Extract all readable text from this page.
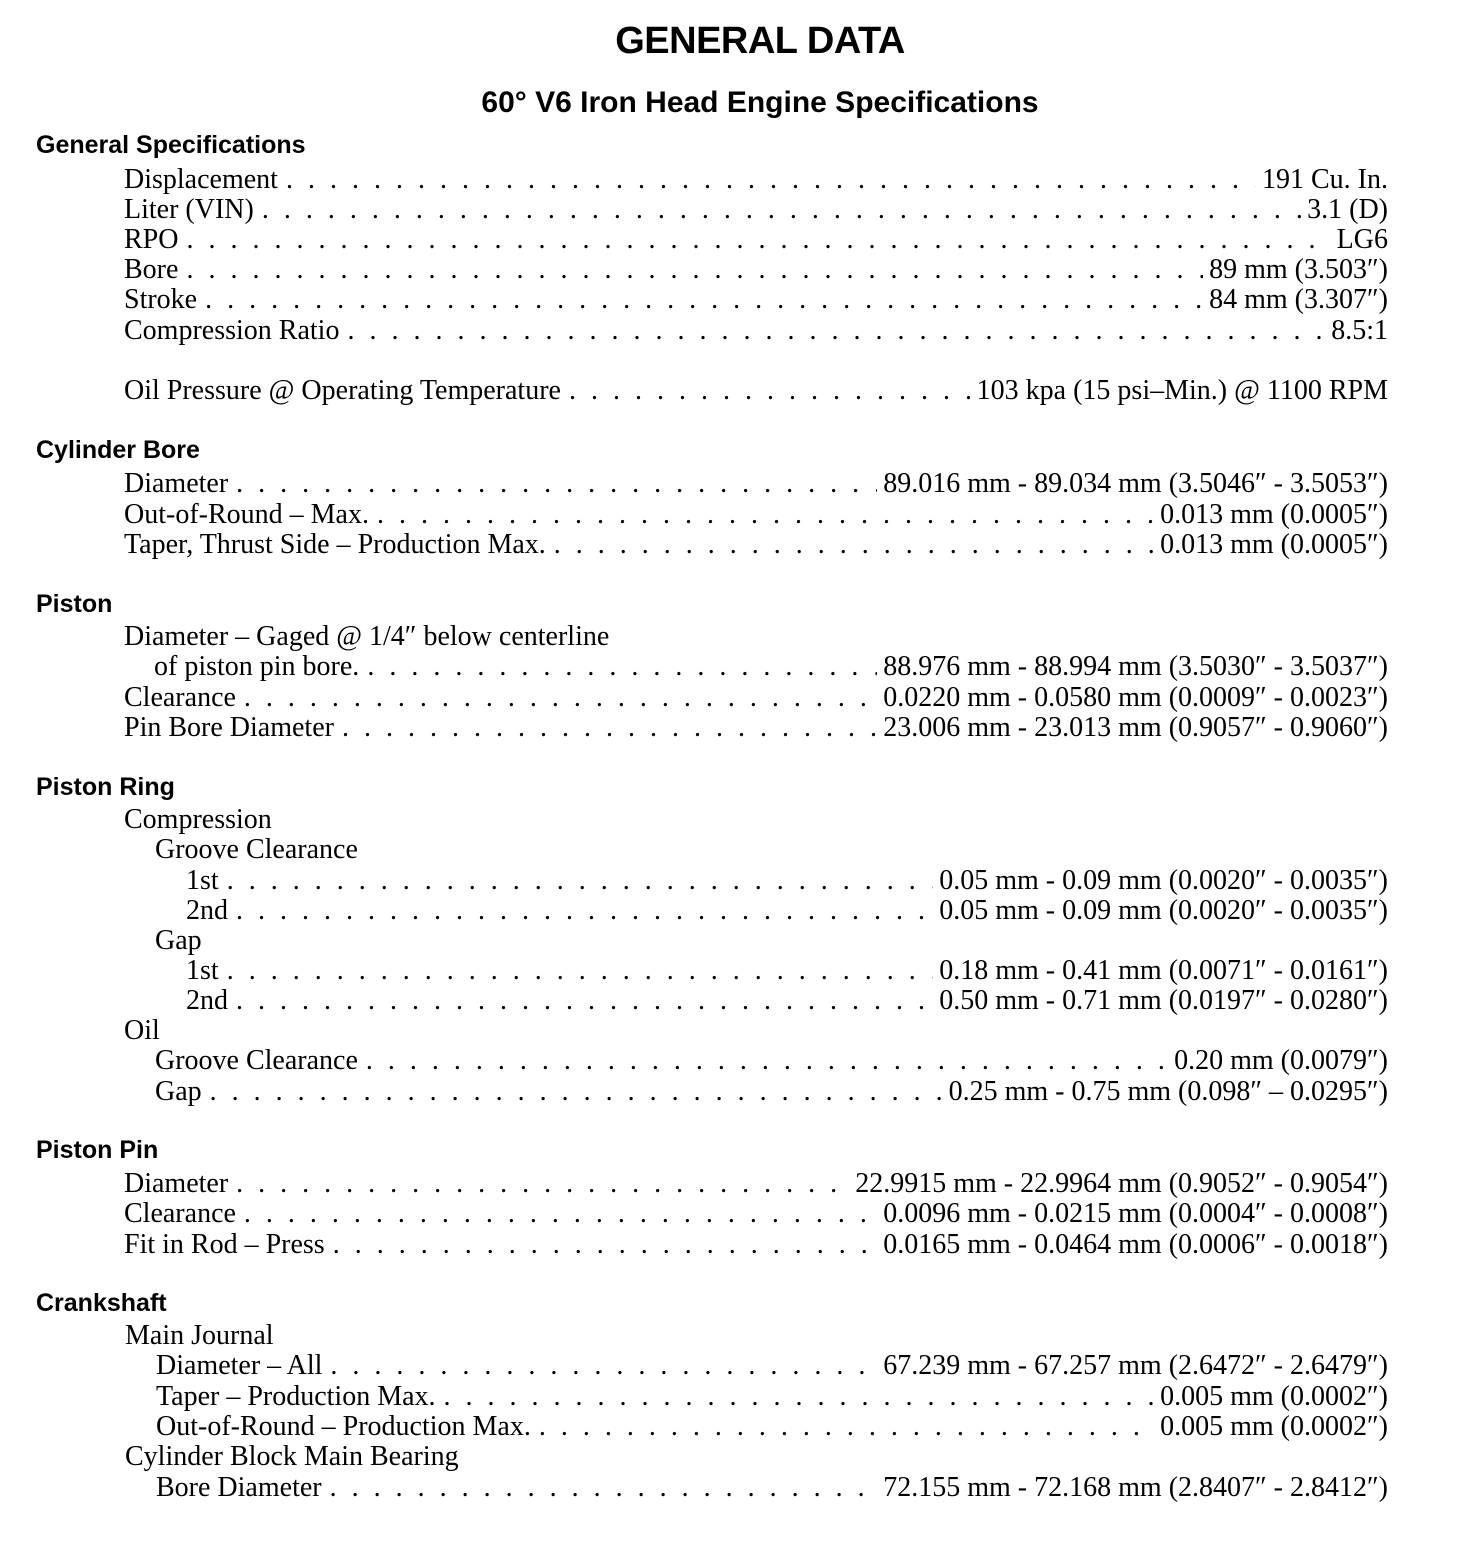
GENERAL DATA
60° V6 Iron Head Engine Specifications
General Specifications
Displacement . . .	191 Cu. In.
Liter (VIN) . . .	3.1 (D)
RPO . . .	LG6
Bore . . .	89 mm (3.503″)
Stroke . . .	84 mm (3.307″)
Compression Ratio . . .	8.5:1
Oil Pressure @ Operating Temperature . . .	103 kpa (15 psi–Min.) @ 1100 RPM
Cylinder Bore
Diameter . . .	89.016 mm - 89.034 mm (3.5046″ - 3.5053″)
Out-of-Round – Max. . . .	0.013 mm (0.0005″)
Taper, Thrust Side – Production Max. . . .	0.013 mm (0.0005″)
Piston
Diameter – Gaged @ 1/4″ below centerline
of piston pin bore. . . .	88.976 mm - 88.994 mm (3.5030″ - 3.5037″)
Clearance . . .	0.0220 mm - 0.0580 mm (0.0009″ - 0.0023″)
Pin Bore Diameter . . .	23.006 mm - 23.013 mm (0.9057″ - 0.9060″)
Piston Ring
Compression
Groove Clearance
1st . . .	0.05 mm - 0.09 mm (0.0020″ - 0.0035″)
2nd . . .	0.05 mm - 0.09 mm (0.0020″ - 0.0035″)
Gap
1st . . .	0.18 mm - 0.41 mm (0.0071″ - 0.0161″)
2nd . . .	0.50 mm - 0.71 mm (0.0197″ - 0.0280″)
Oil
Groove Clearance . . .	0.20 mm (0.0079″)
Gap . . .	0.25 mm - 0.75 mm (0.098″ – 0.0295″)
Piston Pin
Diameter . . .	22.9915 mm - 22.9964 mm (0.9052″ - 0.9054″)
Clearance . . .	0.0096 mm - 0.0215 mm (0.0004″ - 0.0008″)
Fit in Rod – Press . . .	0.0165 mm - 0.0464 mm (0.0006″ - 0.0018″)
Crankshaft
Main Journal
Diameter – All . . .	67.239 mm - 67.257 mm (2.6472″ - 2.6479″)
Taper – Production Max. . . .	0.005 mm (0.0002″)
Out-of-Round – Production Max. . . .	0.005 mm (0.0002″)
Cylinder Block Main Bearing
Bore Diameter . . .	72.155 mm - 72.168 mm (2.8407″ - 2.8412″)
